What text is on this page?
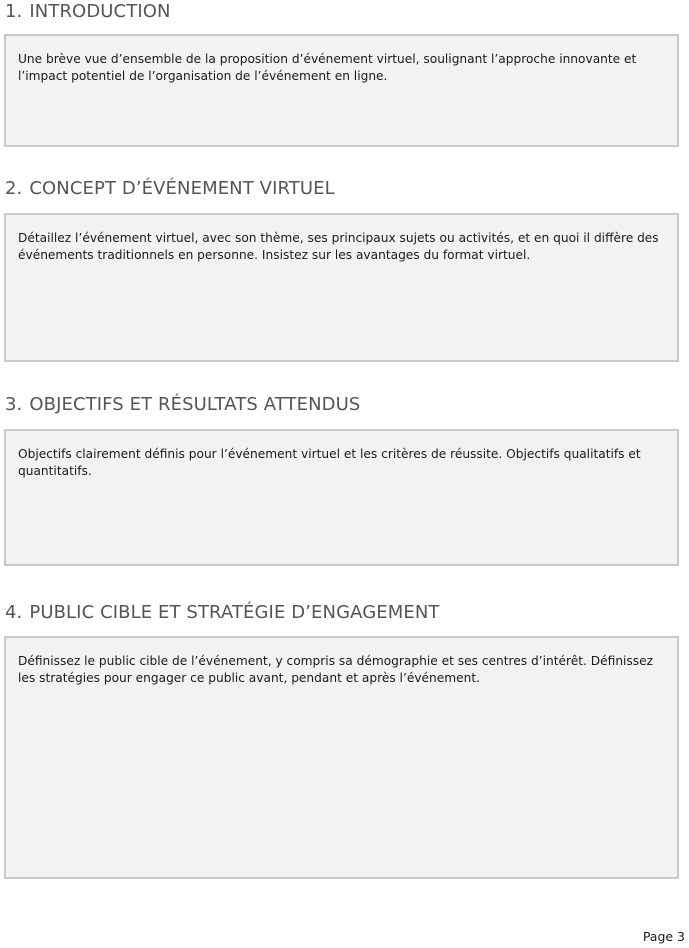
1. INTRODUCTION

Une brève vue d’ensemble de la proposition d’événement virtuel, soulignant l’approche innovante et l’impact potentiel de l’organisation de l’événement en ligne.

2. CONCEPT D’ÉVÉNEMENT VIRTUEL

Détaillez l’événement virtuel, avec son thème, ses principaux sujets ou activités, et en quoi il diffère des événements traditionnels en personne. Insistez sur les avantages du format virtuel.

3. OBJECTIFS ET RÉSULTATS ATTENDUS

Objectifs clairement définis pour l’événement virtuel et les critères de réussite. Objectifs qualitatifs et quantitatifs.

4. PUBLIC CIBLE ET STRATÉGIE D’ENGAGEMENT

Définissez le public cible de l’événement, y compris sa démographie et ses centres d’intérêt. Définissez les stratégies pour engager ce public avant, pendant et après l’événement.

Page 3
